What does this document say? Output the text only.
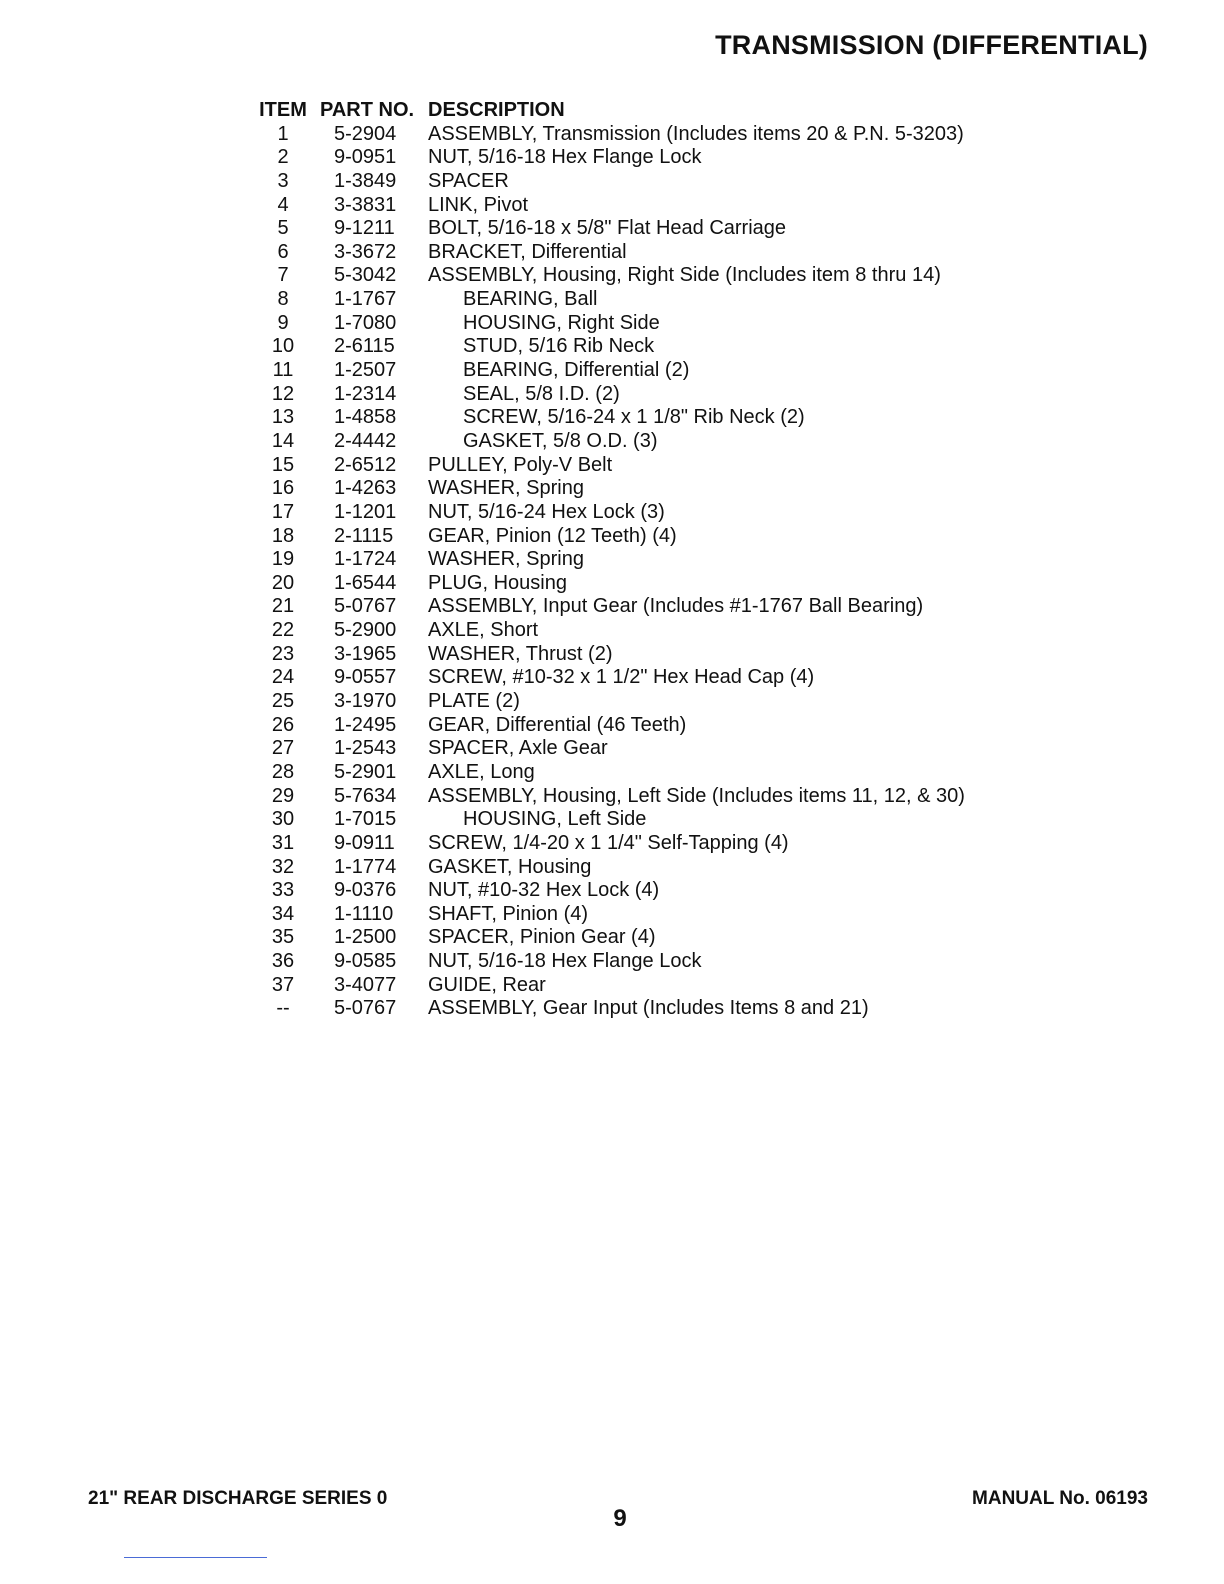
TRANSMISSION (DIFFERENTIAL)
ITEM PART NO. DESCRIPTION
1	5-2904 ASSEMBLY, Transmission (Includes items 20 & P.N. 5-3203)
2	9-0951 NUT, 5/16-18 Hex Flange Lock
3	1-3849 SPACER
4	3-3831 LINK, Pivot
5	9-1211 BOLT, 5/16-18 x 5/8" Flat Head Carriage
6	3-3672 BRACKET, Differential
7	5-3042 ASSEMBLY, Housing, Right Side (Includes item 8 thru 14)
8	1-1767	BEARING, Ball
9	1-7080	HOUSING, Right Side
10	2-6115	STUD, 5/16 Rib Neck
11	1-2507	BEARING, Differential (2)
12	1-2314	SEAL, 5/8 I.D. (2)
13	1-4858	SCREW, 5/16-24 x 1 1/8" Rib Neck (2)
14	2-4442	GASKET, 5/8 O.D. (3)
15	2-6512 PULLEY, Poly-V Belt
16	1-4263 WASHER, Spring
17	1-1201 NUT, 5/16-24 Hex Lock (3)
18	2-1115 GEAR, Pinion (12 Teeth) (4)
19	1-1724 WASHER, Spring
20	1-6544 PLUG, Housing
21	5-0767 ASSEMBLY, Input Gear (Includes #1-1767 Ball Bearing)
22	5-2900 AXLE, Short
23	3-1965 WASHER, Thrust (2)
24	9-0557 SCREW, #10-32 x 1 1/2" Hex Head Cap (4)
25	3-1970 PLATE (2)
26	1-2495 GEAR, Differential (46 Teeth)
27	1-2543 SPACER, Axle Gear
28	5-2901 AXLE, Long
29	5-7634 ASSEMBLY, Housing, Left Side (Includes items 11, 12, & 30)
30	1-7015	HOUSING, Left Side
31	9-0911 SCREW, 1/4-20 x 1 1/4" Self-Tapping (4)
32	1-1774 GASKET, Housing
33	9-0376 NUT, #10-32 Hex Lock (4)
34	1-1110 SHAFT, Pinion (4)
35	1-2500 SPACER, Pinion Gear (4)
36	9-0585 NUT, 5/16-18 Hex Flange Lock
37	3-4077 GUIDE, Rear
--	5-0767 ASSEMBLY, Gear Input (Includes Items 8 and 21)
21" REAR DISCHARGE SERIES 0
9
MANUAL No. 06193
